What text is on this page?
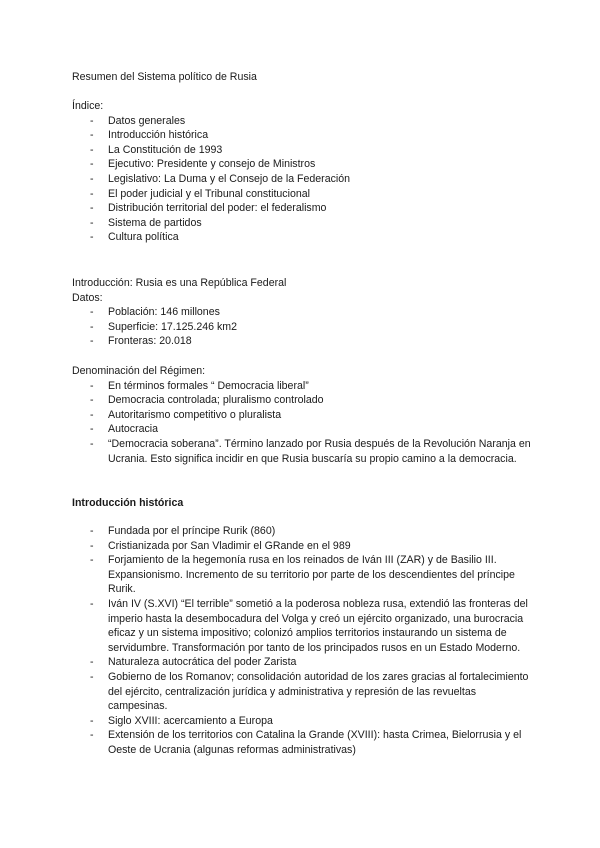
Resumen del Sistema político de Rusia
Índice:
- Datos generales
- Introducción histórica
- La Constitución de 1993
- Ejecutivo: Presidente y consejo de Ministros
- Legislativo: La Duma y el Consejo de la Federación
- El poder judicial y el Tribunal constitucional
- Distribución territorial del poder: el federalismo
- Sistema de partidos
- Cultura política
Introducción: Rusia es una República Federal
Datos:
- Población: 146 millones
- Superficie: 17.125.246 km2
- Fronteras: 20.018
Denominación del Régimen:
- En términos formales “ Democracia liberal”
- Democracia controlada; pluralismo controlado
- Autoritarismo competitivo o pluralista
- Autocracia
- “Democracia soberana”. Término lanzado por Rusia después de la Revolución Naranja en Ucrania. Esto significa incidir en que Rusia buscaría su propio camino a la democracia.
Introducción histórica
- Fundada por el príncipe Rurik (860)
- Cristianizada por San Vladimir el GRande en el 989
- Forjamiento de la hegemonía rusa en los reinados de Iván III (ZAR) y de Basilio III. Expansionismo. Incremento de su territorio por parte de los descendientes del príncipe Rurik.
- Iván IV (S.XVI) “El terrible” sometió a la poderosa nobleza rusa, extendió las fronteras del imperio hasta la desembocadura del Volga y creó un ejército organizado, una burocracia eficaz y un sistema impositivo; colonizó amplios territorios instaurando un sistema de servidumbre. Transformación por tanto de los principados rusos en un Estado Moderno.
- Naturaleza autocrática del poder Zarista
- Gobierno de los Romanov; consolidación autoridad de los zares gracias al fortalecimiento del ejército, centralización jurídica y administrativa y represión de las revueltas campesinas.
- Siglo XVIII: acercamiento a Europa
- Extensión de los territorios con Catalina la Grande (XVIII): hasta Crimea, Bielorrusia y el Oeste de Ucrania (algunas reformas administrativas)
